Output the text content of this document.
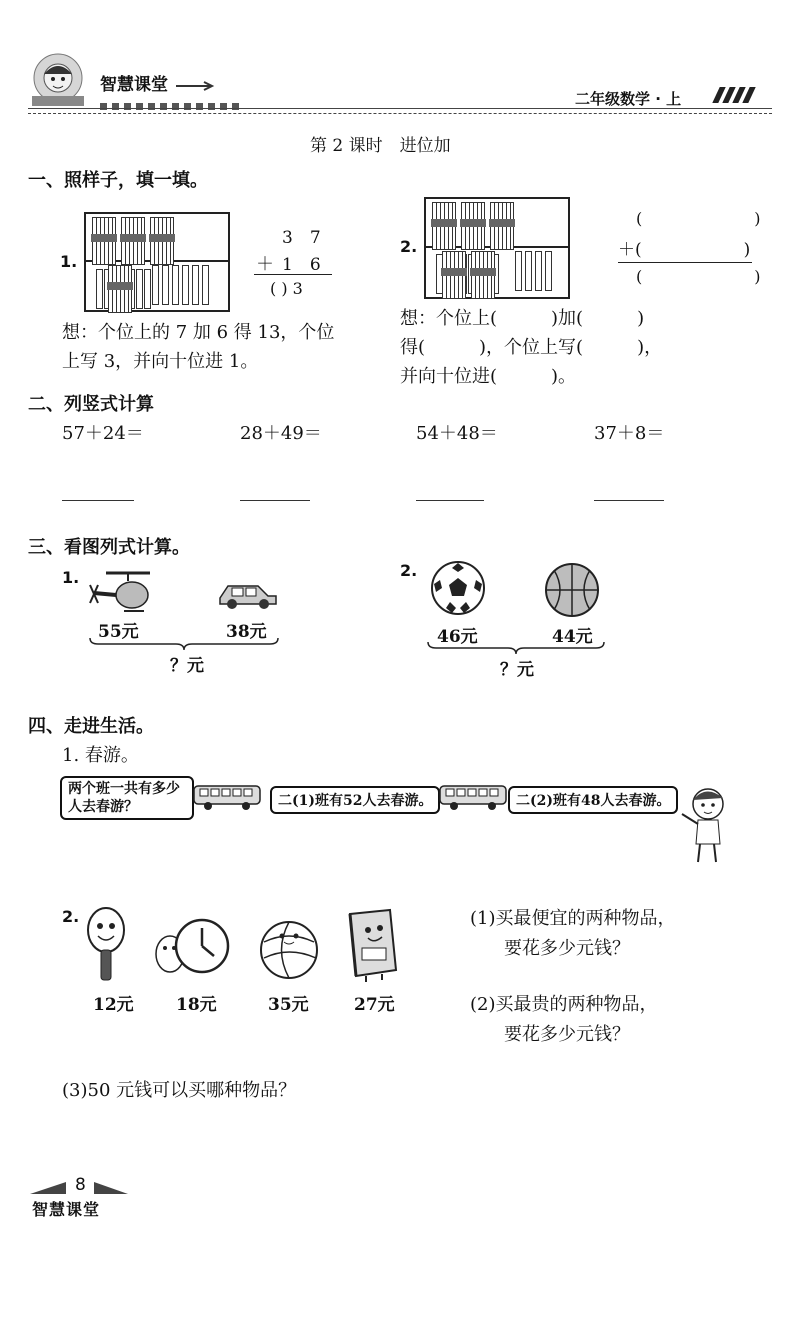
智慧课堂
二年级数学 · 上
第 2 课时　进位加
一、照样子，填一填。
1.

3　7
＋ 1　6
( ) 3
想：个位上的 7 加 6 得 13，个位
上写 3，并向十位进 1。
2.

(　　　　　　　)
＋(　　　　　　)
(　　　　　　　)
想：个位上(　　　)加(　　　)
得(　　　)，个位上写(　　　)，
并向十位进(　　　)。
二、列竖式计算
57＋24＝	28＋49＝	54＋48＝	37＋8＝
三、看图列式计算。
1.
55元	38元
？元
2.
46元	44元
？元
四、走进生活。
1. 春游。
两个班一共有多少人去春游？	二(1)班有52人去春游。	二(2)班有48人去春游。
2.
12元 18元	35元	27元
(1)买最便宜的两种物品，
要花多少元钱？
(2)买最贵的两种物品，
要花多少元钱？
(3)50 元钱可以买哪种物品？
8
智慧课堂
